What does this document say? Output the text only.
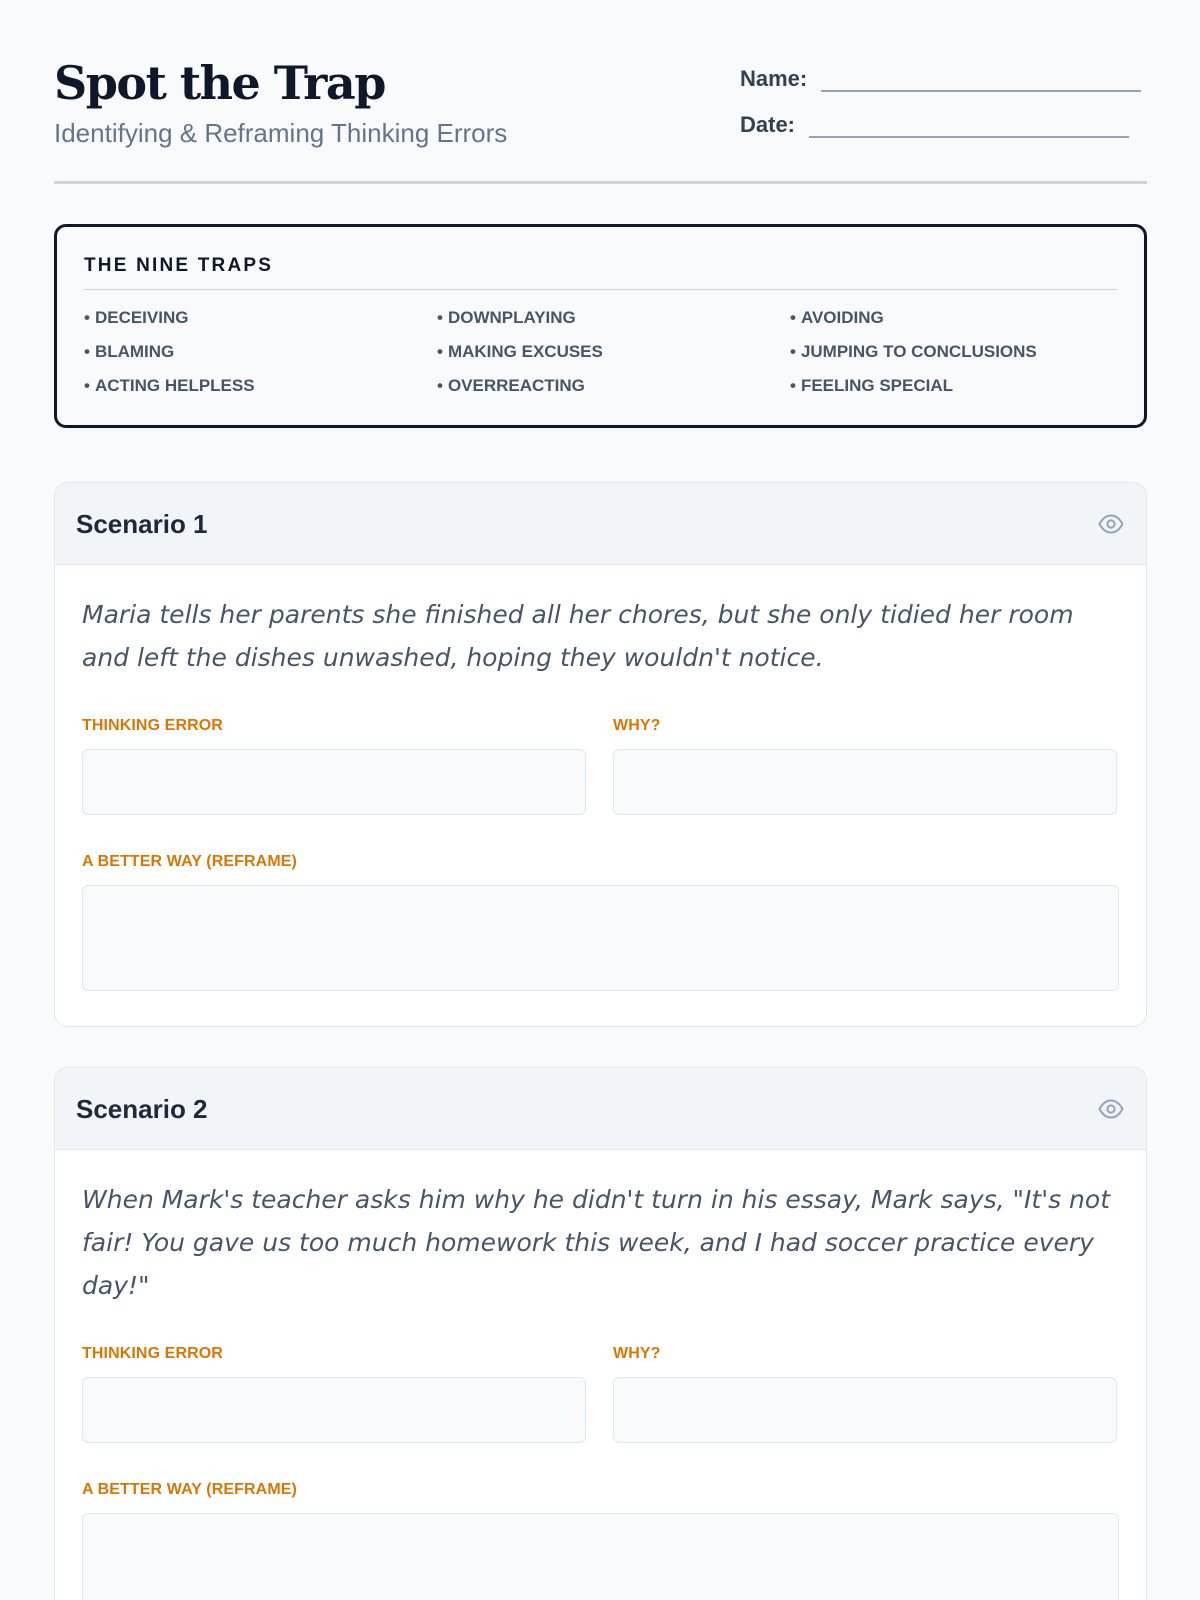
Spot the Trap
Identifying & Reframing Thinking Errors
Name:
Date:
THE NINE TRAPS
• DECEIVING	• DOWNPLAYING	• AVOIDING
• BLAMING	• MAKING EXCUSES	• JUMPING TO CONCLUSIONS
• ACTING HELPLESS	• OVERREACTING	• FEELING SPECIAL
Scenario 1

Maria tells her parents she finished all her chores, but she only tidied her room and left the dishes unwashed, hoping they wouldn't notice.

THINKING ERROR	WHY?
A BETTER WAY (REFRAME)
Scenario 2

When Mark's teacher asks him why he didn't turn in his essay, Mark says, "It's not fair! You gave us too much homework this week, and I had soccer practice every day!"

THINKING ERROR	WHY?
A BETTER WAY (REFRAME)
